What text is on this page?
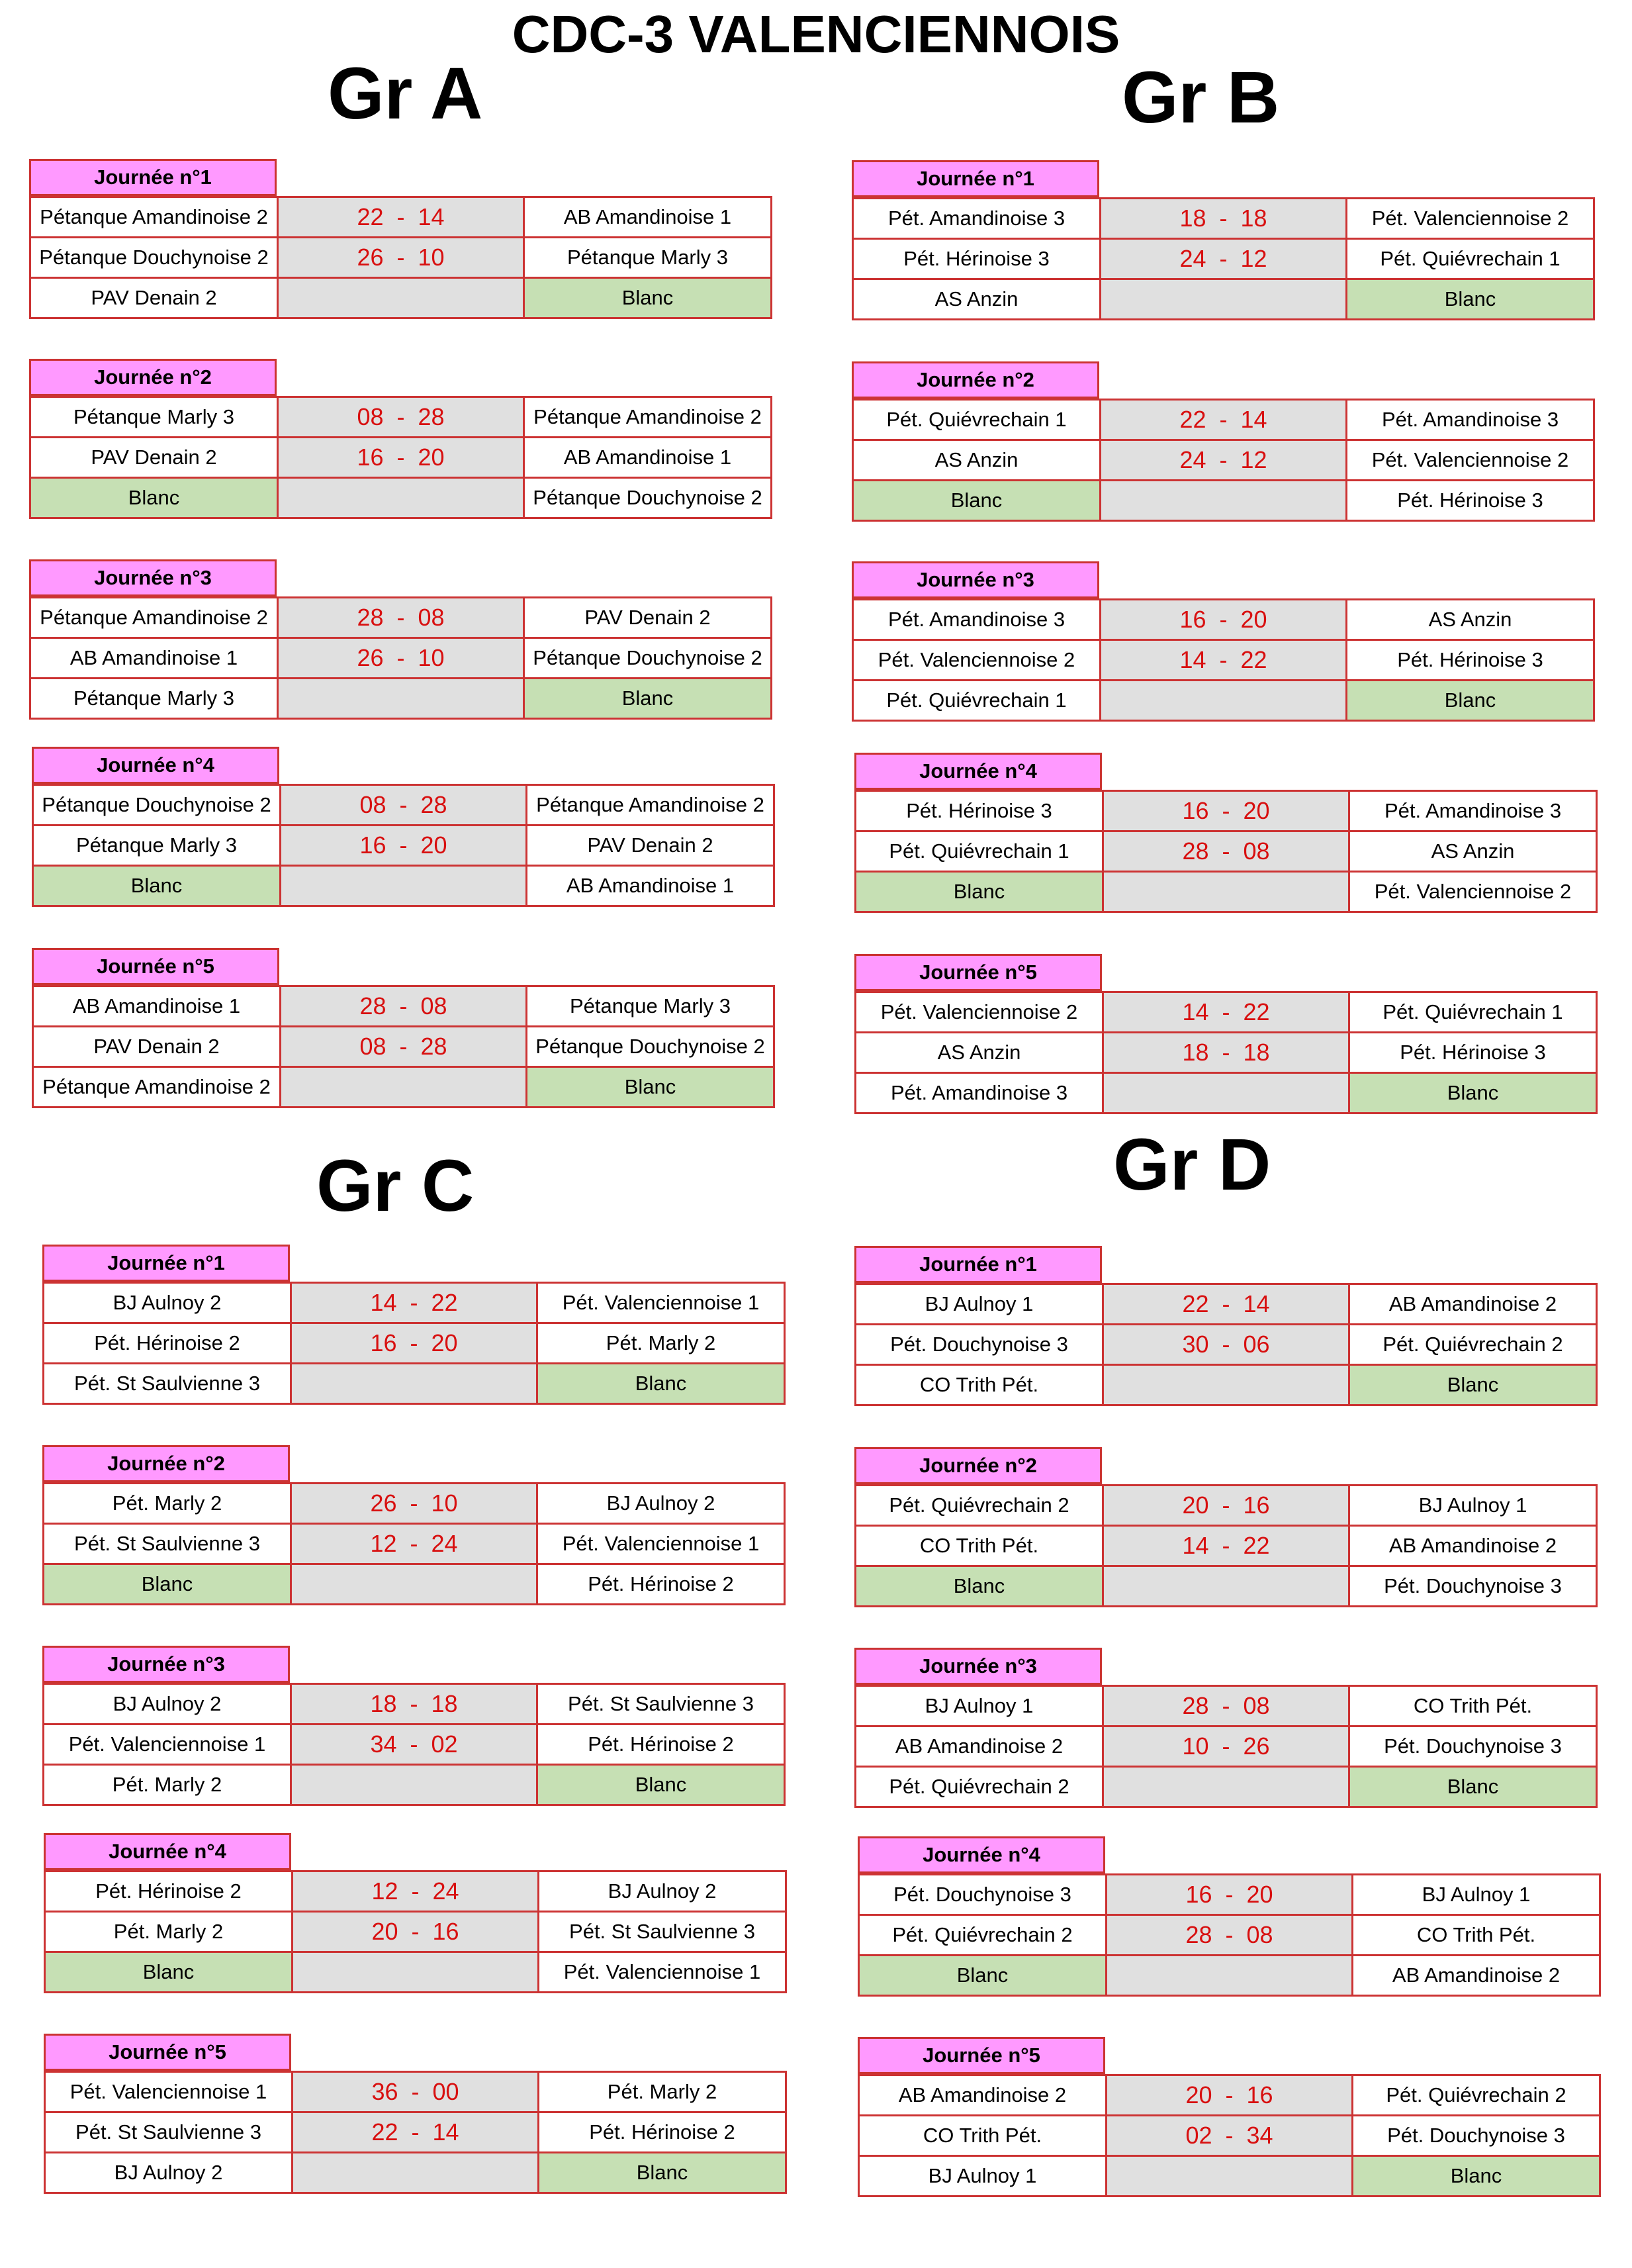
CDC-3 VALENCIENNOIS
Gr A	Gr B
Gr C	Gr D
Journée n°1
Pétanque Amandinoise 2	22  -  14	AB Amandinoise 1
Pétanque Douchynoise 2	26  -  10	Pétanque Marly 3
PAV Denain 2		Blanc
Journée n°2
Pétanque Marly 3	08  -  28	Pétanque Amandinoise 2
PAV Denain 2	16  -  20	AB Amandinoise 1
Blanc		Pétanque Douchynoise 2
Journée n°3
Pétanque Amandinoise 2	28  -  08	PAV Denain 2
AB Amandinoise 1	26  -  10	Pétanque Douchynoise 2
Pétanque Marly 3		Blanc
Journée n°4
Pétanque Douchynoise 2	08  -  28	Pétanque Amandinoise 2
Pétanque Marly 3	16  -  20	PAV Denain 2
Blanc		AB Amandinoise 1
Journée n°5
AB Amandinoise 1	28  -  08	Pétanque Marly 3
PAV Denain 2	08  -  28	Pétanque Douchynoise 2
Pétanque Amandinoise 2		Blanc
Journée n°1
Pét. Amandinoise 3	18  -  18	Pét. Valenciennoise 2
Pét. Hérinoise 3	24  -  12	Pét. Quiévrechain 1
AS Anzin		Blanc
Journée n°2
Pét. Quiévrechain 1	22  -  14	Pét. Amandinoise 3
AS Anzin	24  -  12	Pét. Valenciennoise 2
Blanc		Pét. Hérinoise 3
Journée n°3
Pét. Amandinoise 3	16  -  20	AS Anzin
Pét. Valenciennoise 2	14  -  22	Pét. Hérinoise 3
Pét. Quiévrechain 1		Blanc
Journée n°4
Pét. Hérinoise 3	16  -  20	Pét. Amandinoise 3
Pét. Quiévrechain 1	28  -  08	AS Anzin
Blanc		Pét. Valenciennoise 2
Journée n°5
Pét. Valenciennoise 2	14  -  22	Pét. Quiévrechain 1
AS Anzin	18  -  18	Pét. Hérinoise 3
Pét. Amandinoise 3		Blanc
Journée n°1
BJ Aulnoy 2	14  -  22	Pét. Valenciennoise 1
Pét. Hérinoise 2	16  -  20	Pét. Marly 2
Pét. St Saulvienne 3		Blanc
Journée n°2
Pét. Marly 2	26  -  10	BJ Aulnoy 2
Pét. St Saulvienne 3	12  -  24	Pét. Valenciennoise 1
Blanc		Pét. Hérinoise 2
Journée n°3
BJ Aulnoy 2	18  -  18	Pét. St Saulvienne 3
Pét. Valenciennoise 1	34  -  02	Pét. Hérinoise 2
Pét. Marly 2		Blanc
Journée n°4
Pét. Hérinoise 2	12  -  24	BJ Aulnoy 2
Pét. Marly 2	20  -  16	Pét. St Saulvienne 3
Blanc		Pét. Valenciennoise 1
Journée n°5
Pét. Valenciennoise 1	36  -  00	Pét. Marly 2
Pét. St Saulvienne 3	22  -  14	Pét. Hérinoise 2
BJ Aulnoy 2		Blanc
Journée n°1
BJ Aulnoy 1	22  -  14	AB Amandinoise 2
Pét. Douchynoise 3	30  -  06	Pét. Quiévrechain 2
CO Trith Pét.		Blanc
Journée n°2
Pét. Quiévrechain 2	20  -  16	BJ Aulnoy 1
CO Trith Pét.	14  -  22	AB Amandinoise 2
Blanc		Pét. Douchynoise 3
Journée n°3
BJ Aulnoy 1	28  -  08	CO Trith Pét.
AB Amandinoise 2	10  -  26	Pét. Douchynoise 3
Pét. Quiévrechain 2		Blanc
Journée n°4
Pét. Douchynoise 3	16  -  20	BJ Aulnoy 1
Pét. Quiévrechain 2	28  -  08	CO Trith Pét.
Blanc		AB Amandinoise 2
Journée n°5
AB Amandinoise 2	20  -  16	Pét. Quiévrechain 2
CO Trith Pét.	02  -  34	Pét. Douchynoise 3
BJ Aulnoy 1		Blanc
